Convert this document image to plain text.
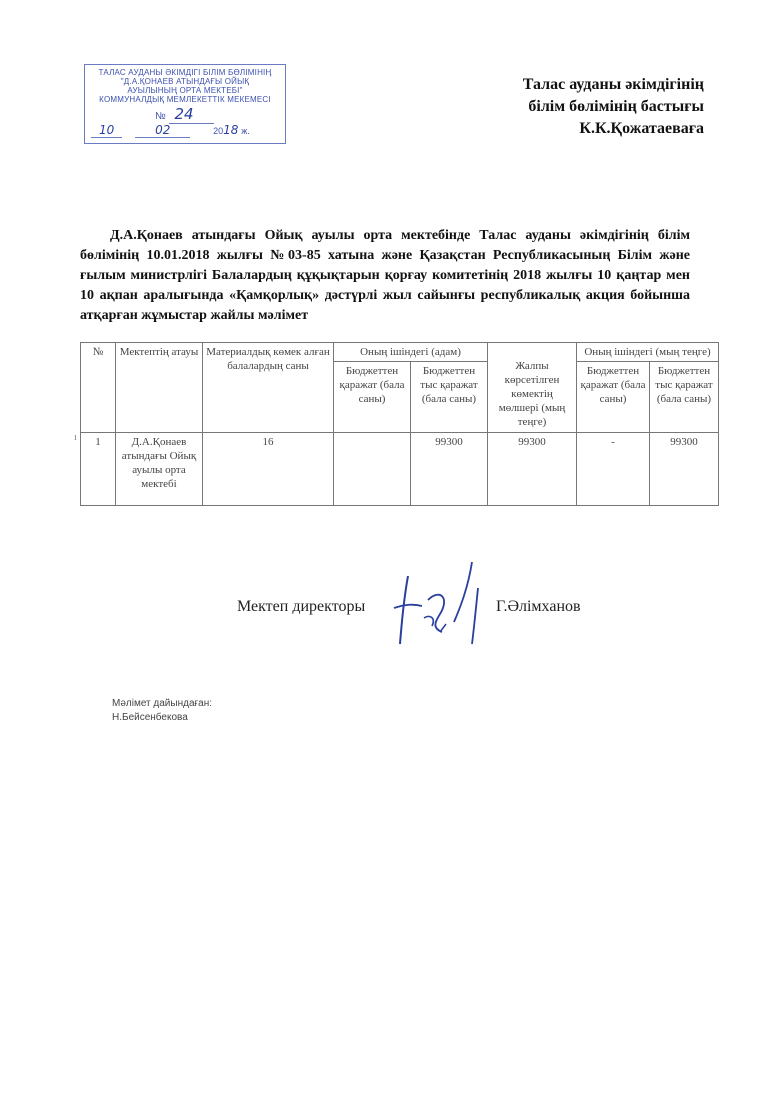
ТАЛАС АУДАНЫ ӘКІМДІГІ БІЛІМ БӨЛІМІНІҢ
"Д.А.ҚОНАЕВ АТЫНДАҒЫ ОЙЫҚ
АУЫЛЫНЫҢ ОРТА МЕКТЕБІ"
КОММУНАЛДЫҚ МЕМЛЕКЕТТІК МЕКЕМЕСІ
№ 24
10	02	2018 ж.
Талас ауданы әкімдігінің
білім бөлімінің бастығы
К.К.Қожатаеваға
Д.А.Қонаев атындағы Ойық ауылы орта мектебінде Талас ауданы әкімдігінің білім бөлімінің 10.01.2018 жылғы №03-85 хатына және Қазақстан Республикасының Білім және ғылым министрлігі Балалардың құқықтарын қорғау комитетінің 2018 жылғы 10 қаңтар мен 10 ақпан аралығында «Қамқорлық» дәстүрлі жыл сайынғы республикалық акция бойынша атқарған жұмыстар жайлы мәлімет
ı
№	Мектептің атауы	Материалдық көмек алған балалар​дың саны	Оның ішіндегі (адам)		Жалпы көрсетілген көмектің мөлшері (мың теңге)	Оның ішіндегі (мың теңге)	
			Бюджеттен қаражат (бала саны)	Бюджеттен тыс қаражат (бала саны)		Бюджеттен қаражат (бала саны)	Бюджеттен тыс қаражат (бала саны)
1	Д.А.Қонаев атындағы Ойық ауылы орта мектебі	16		99300	99300	-	99300
Мектеп директоры	Г.Әлімханов
Мәлімет дайындаған:
Н.Бейсенбекова
